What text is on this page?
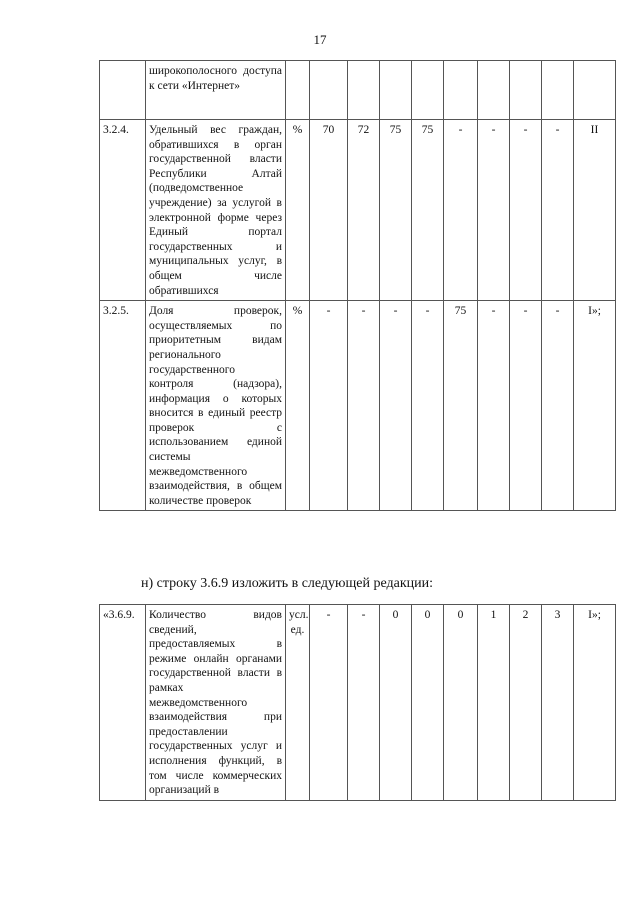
17
	широкополосного доступа к сети «Интернет»										
3.2.4.	Удельный вес граждан, обратившихся в орган государственной власти Республики Алтай (подведомственное учреждение) за услугой в электронной форме через Единый портал государственных и муниципальных услуг, в общем числе обратившихся	%	70	72	75	75	-	-	-	-	II
3.2.5.	Доля проверок, осуществляемых по приоритетным видам регионального государственного контроля (надзора), информация о которых вносится в единый реестр проверок с использованием единой системы межведомственного взаимодействия, в общем количестве проверок	%	-	-	-	-	75	-	-	-	I»;
н) строку 3.6.9 изложить в следующей редакции:
«3.6.9.	Количество видов сведений, предоставляемых в режиме онлайн органами государственной власти в рамках межведомственного взаимодействия при предоставлении государственных услуг и исполнения функций, в том числе коммерческих организаций в	усл. ед.	-	-	0	0	0	1	2	3	I»;
